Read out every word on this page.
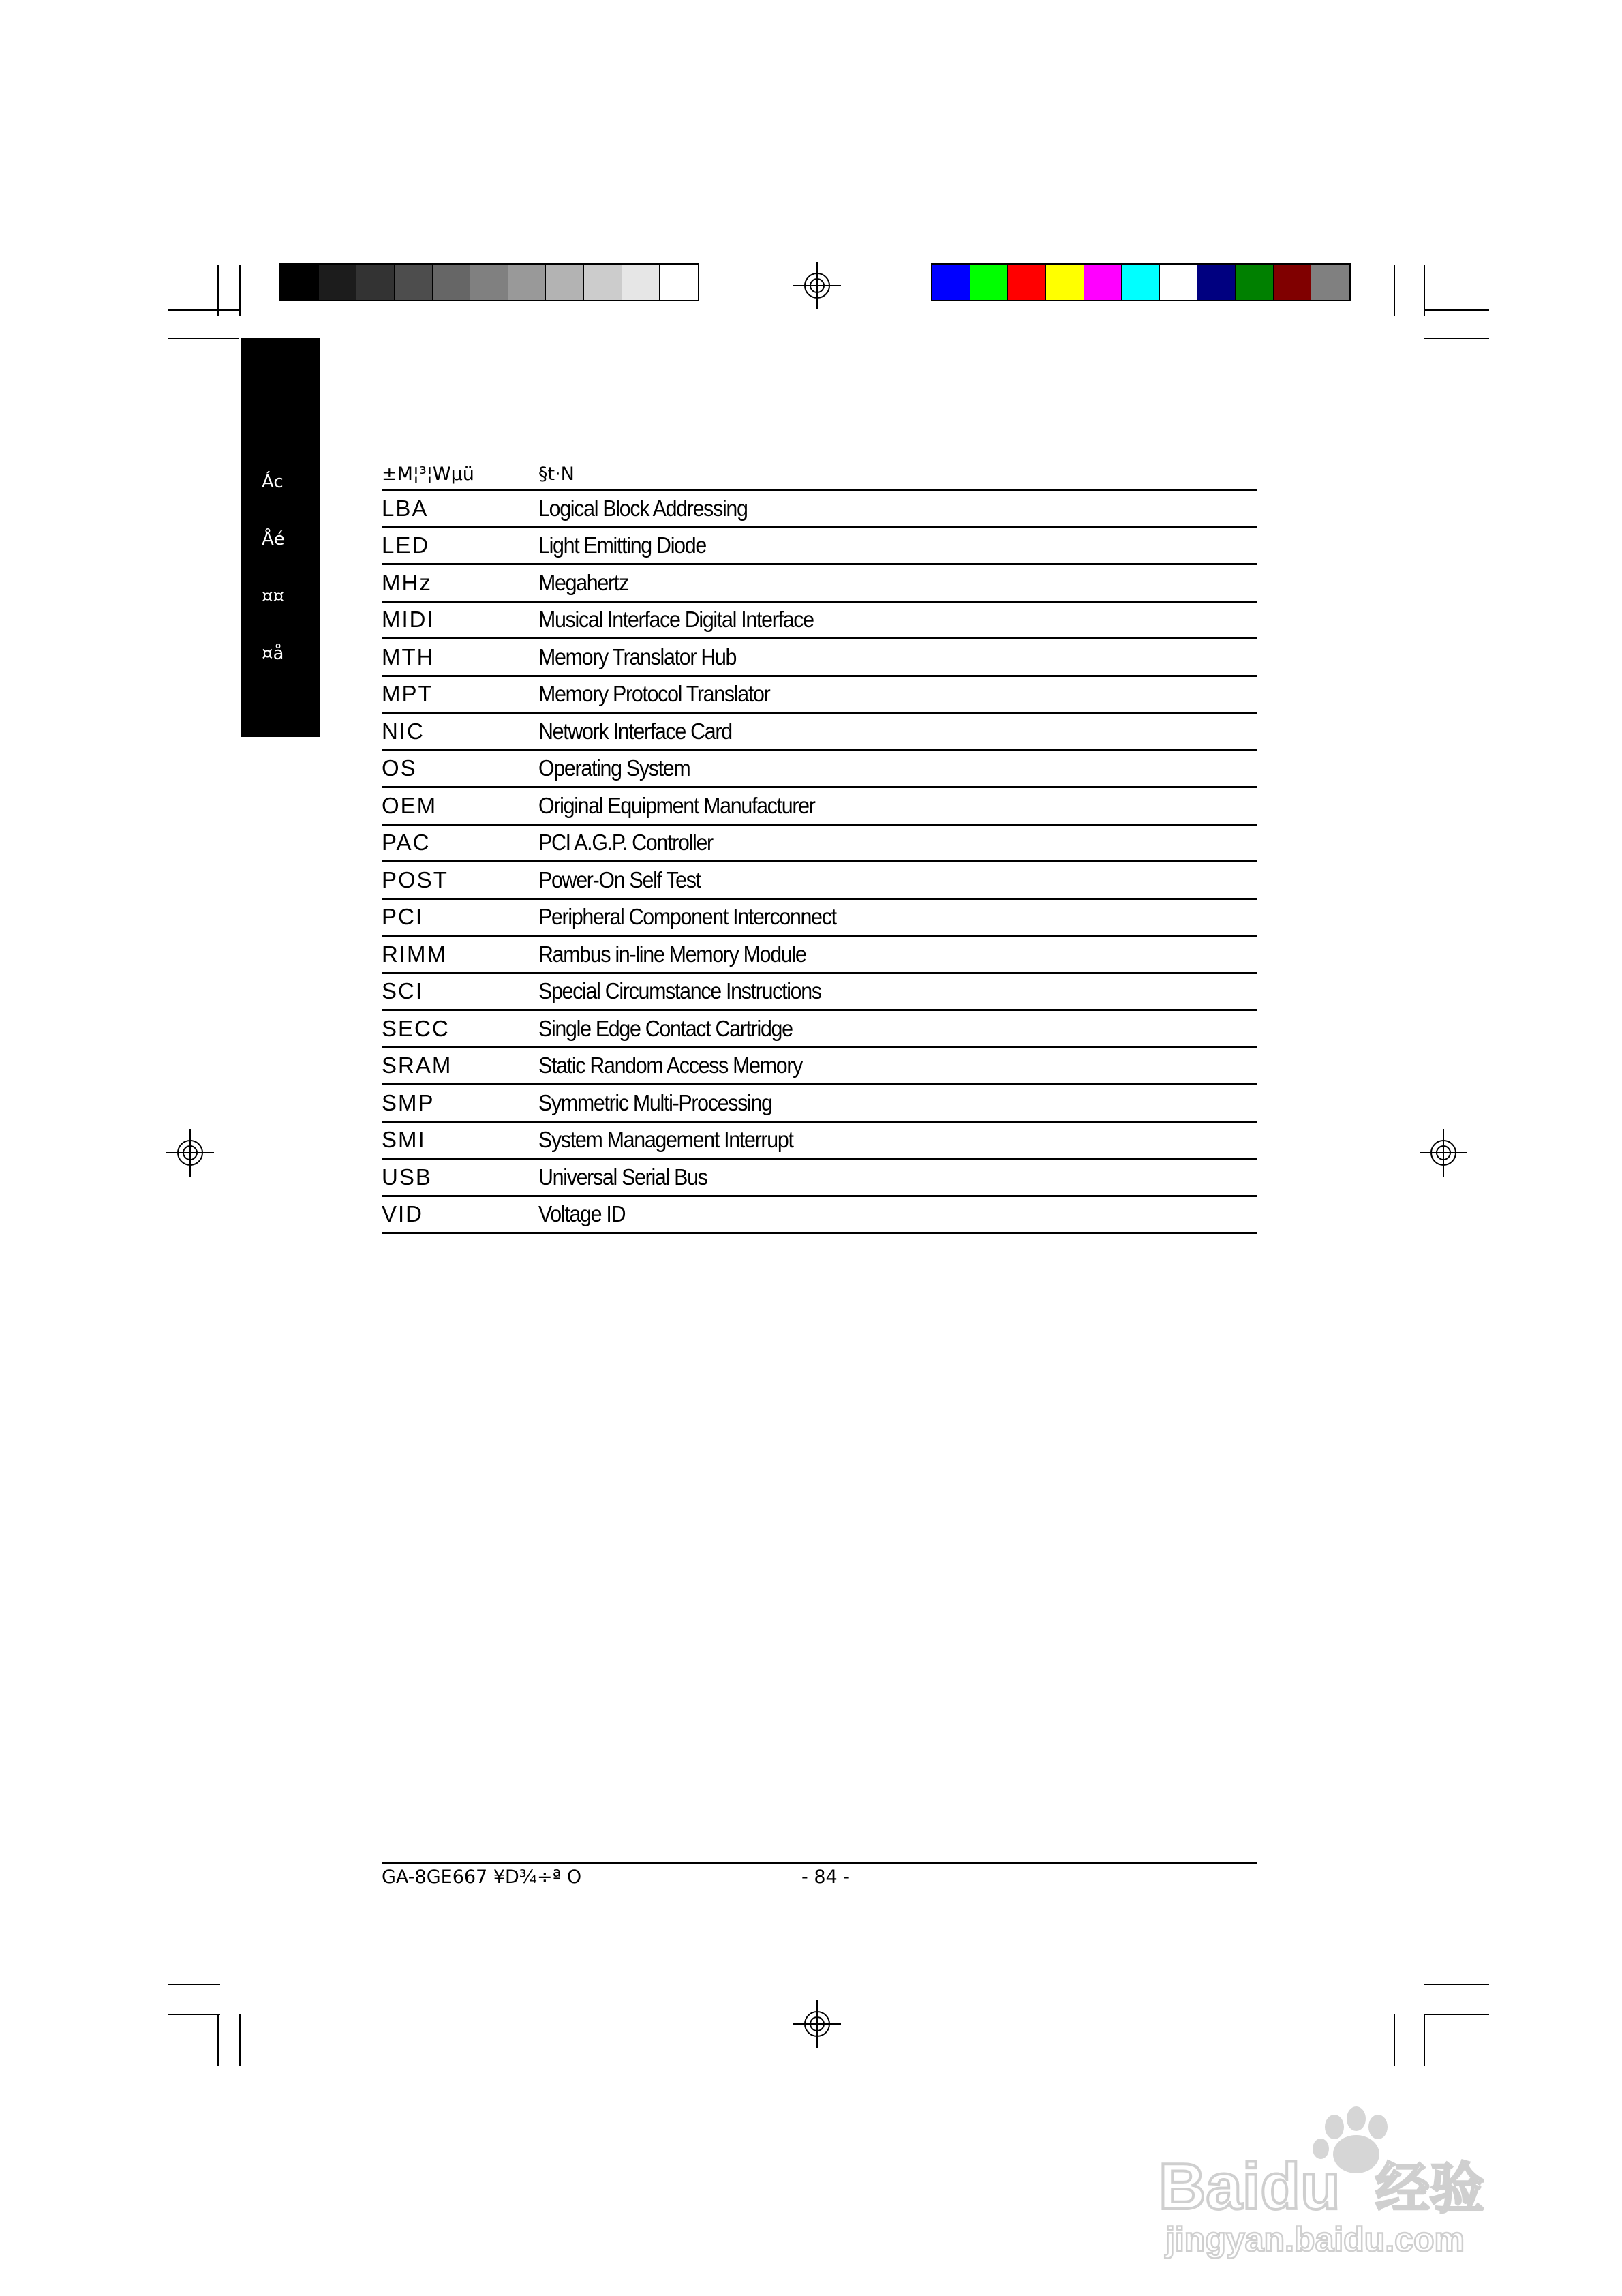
Ác
Åé
¤¤
¤å
±M¦³¦Wµü	§t·N
LBA	Logical Block Addressing
LED	Light Emitting Diode
MHz	Megahertz
MIDI	Musical Interface Digital Interface
MTH	Memory Translator Hub
MPT	Memory Protocol Translator
NIC	Network Interface Card
OS	Operating System
OEM	Original Equipment Manufacturer
PAC	PCI A.G.P. Controller
POST	Power-On Self Test
PCI	Peripheral Component Interconnect
RIMM	Rambus in-line Memory Module
SCI	Special Circumstance Instructions
SECC	Single Edge Contact Cartridge
SRAM	Static Random Access Memory
SMP	Symmetric Multi-Processing
SMI	System Management Interrupt
USB	Universal Serial Bus
VID	Voltage ID
GA-8GE667 ¥D¾÷ª O	- 84 -
Baidu 经验
jingyan.baidu.com
